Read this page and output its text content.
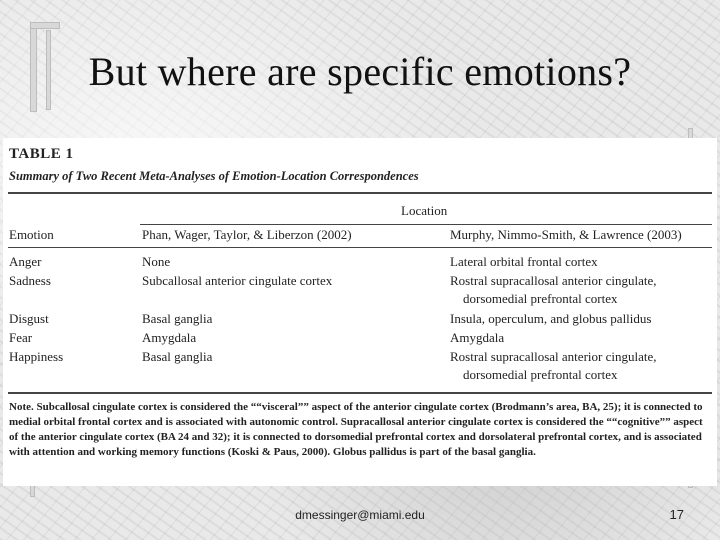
But where are specific emotions?
TABLE 1
Summary of Two Recent Meta-Analyses of Emotion-Location Correspondences
Location
Emotion	Phan, Wager, Taylor, & Liberzon (2002)	Murphy, Nimmo-Smith, & Lawrence (2003)
Anger	None	Lateral orbital frontal cortex
Sadness	Subcallosal anterior cingulate cortex	Rostral supracallosal anterior cingulate,
dorsomedial prefrontal cortex
Disgust	Basal ganglia	Insula, operculum, and globus pallidus
Fear	Amygdala	Amygdala
Happiness	Basal ganglia	Rostral supracallosal anterior cingulate,
dorsomedial prefrontal cortex
Note. Subcallosal cingulate cortex is considered the ““visceral”” aspect of the anterior cingulate cortex (Brodmann’s area, BA, 25); it is connected to medial orbital frontal cortex and is associated with autonomic control. Supracallosal anterior cingulate cortex is considered the ““cognitive”” aspect of the anterior cingulate cortex (BA 24 and 32); it is connected to dorsomedial prefrontal cortex and dorsolateral prefrontal cortex, and is associated with attention and working memory functions (Koski & Paus, 2000). Globus pallidus is part of the basal ganglia.
dmessinger@miami.edu	17
